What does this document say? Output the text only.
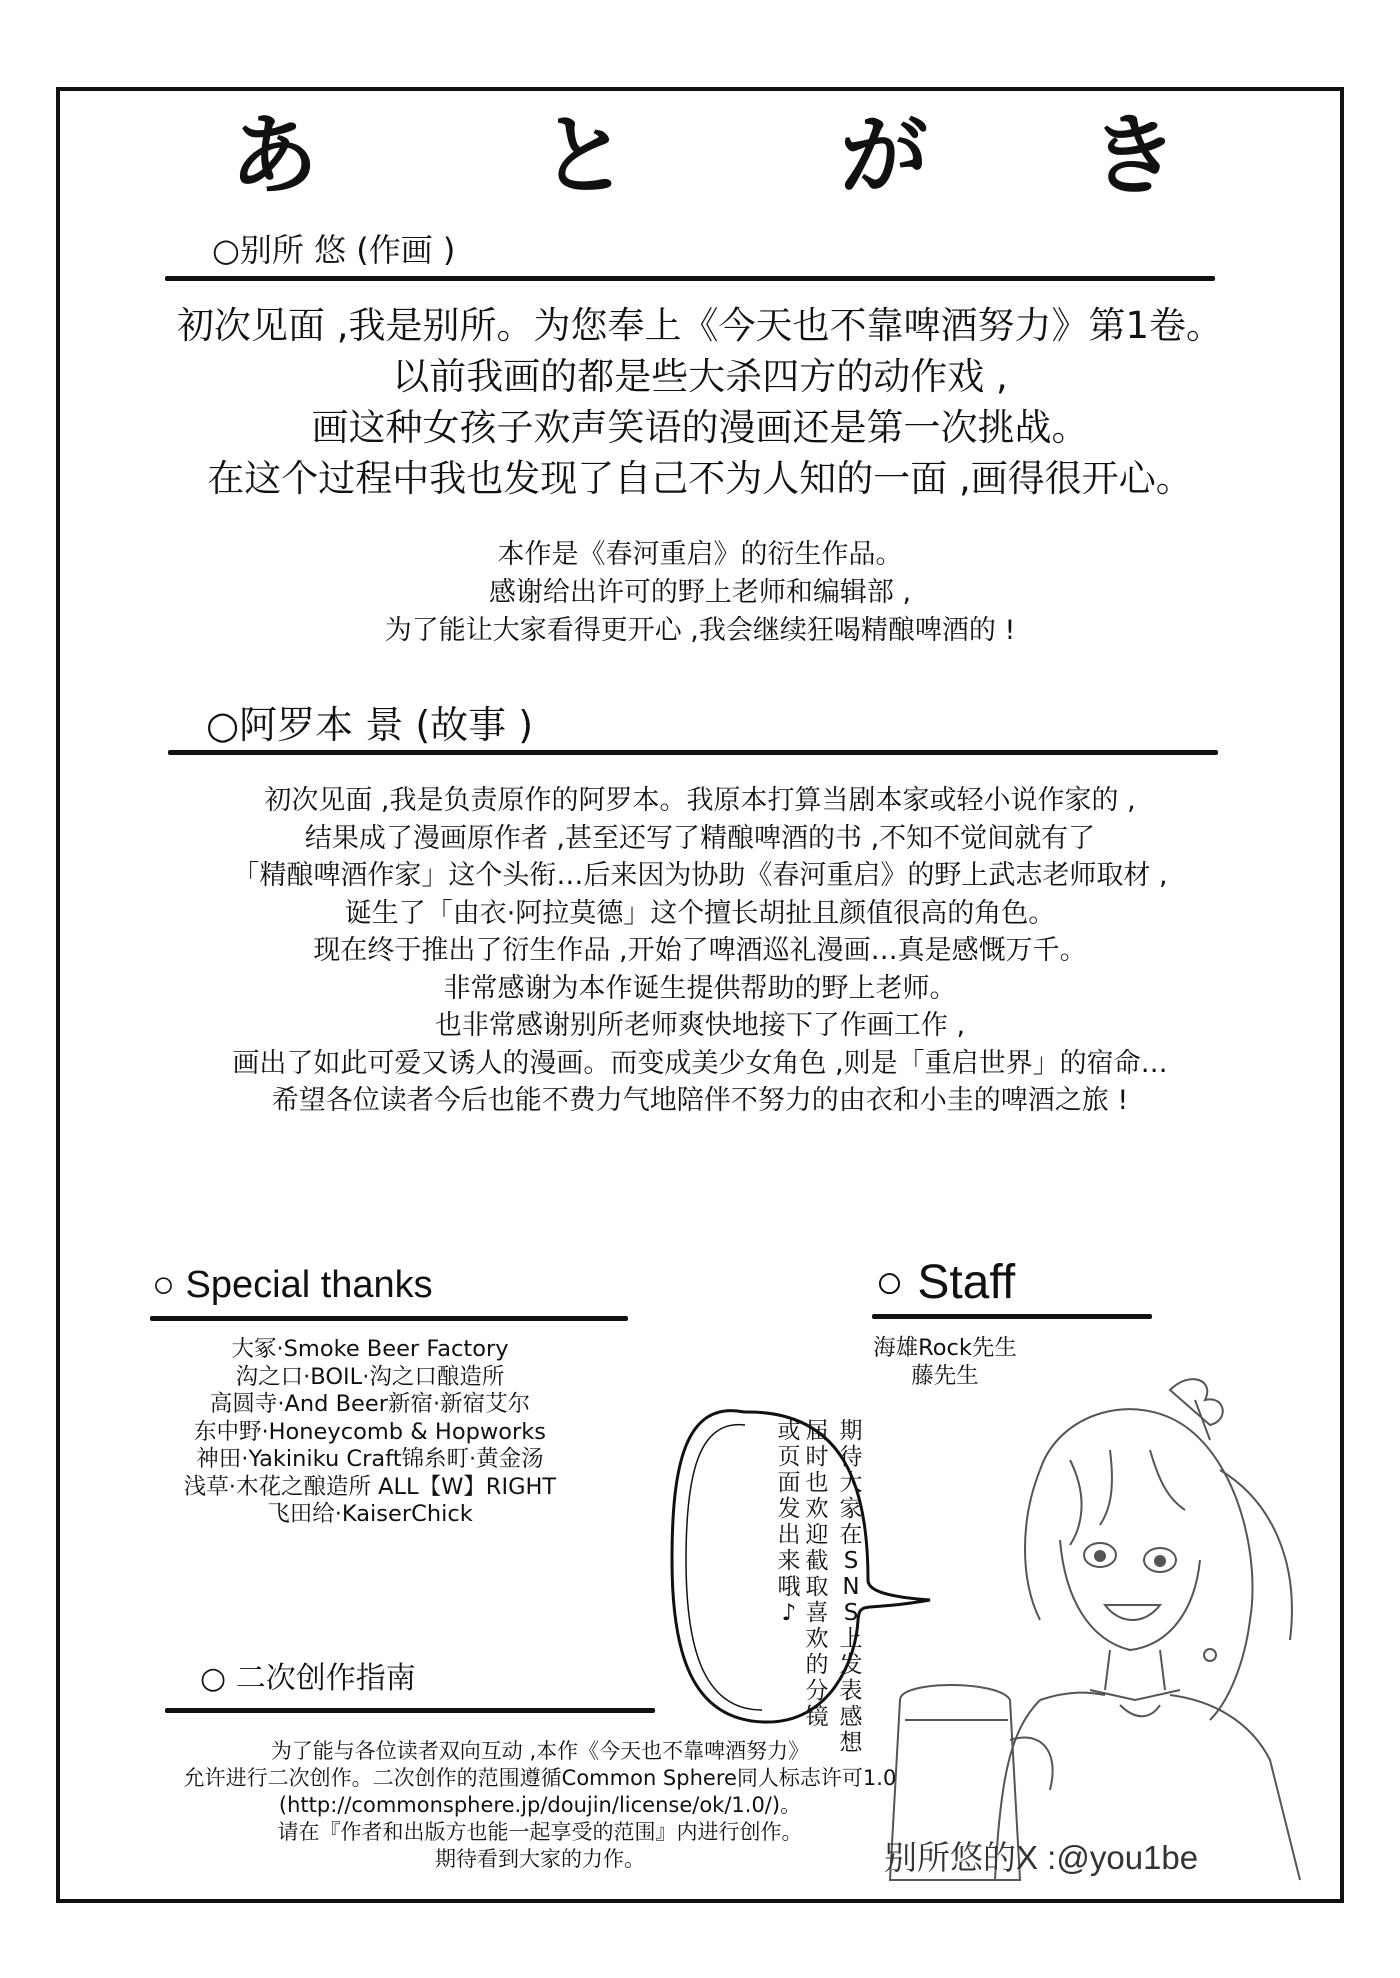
あ	と が き
○别所 悠 (作画 )
初次见面 ,我是别所。为您奉上《今天也不靠啤酒努力》第1卷。
以前我画的都是些大杀四方的动作戏 ,
画这种女孩子欢声笑语的漫画还是第一次挑战。
在这个过程中我也发现了自己不为人知的一面 ,画得很开心。
本作是《春河重启》的衍生作品。
感谢给出许可的野上老师和编辑部 ,
为了能让大家看得更开心 ,我会继续狂喝精酿啤酒的 !
○阿罗本 景 (故事 )
初次见面 ,我是负责原作的阿罗本。我原本打算当剧本家或轻小说作家的 ,
结果成了漫画原作者 ,甚至还写了精酿啤酒的书 ,不知不觉间就有了
「精酿啤酒作家」这个头衔…后来因为协助《春河重启》的野上武志老师取材 ,
诞生了「由衣·阿拉莫德」这个擅长胡扯且颜值很高的角色。
现在终于推出了衍生作品 ,开始了啤酒巡礼漫画…真是感慨万千。
非常感谢为本作诞生提供帮助的野上老师。
也非常感谢别所老师爽快地接下了作画工作 ,
画出了如此可爱又诱人的漫画。而变成美少女角色 ,则是「重启世界」的宿命…
希望各位读者今后也能不费力气地陪伴不努力的由衣和小圭的啤酒之旅 !
○ Special thanks
大冢·Smoke Beer Factory
沟之口·BOIL·沟之口酿造所
高圆寺·And Beer新宿·新宿艾尔
东中野·Honeycomb & Hopworks
神田·Yakiniku Craft锦糸町·黄金汤
浅草·木花之酿造所 ALL【W】RIGHT
飞田给·KaiserChick
○ Staff
海雄Rock先生
藤先生
期待大家在SNS上发表感想
届时也欢迎截取喜欢的分镜
或页面发出来哦♪
○ 二次创作指南
为了能与各位读者双向互动 ,本作《今天也不靠啤酒努力》
允许进行二次创作。二次创作的范围遵循Common Sphere同人标志许可1.0
(http://commonsphere.jp/doujin/license/ok/1.0/)。
请在『作者和出版方也能一起享受的范围』内进行创作。
期待看到大家的力作。	别所悠的X :@you1be
